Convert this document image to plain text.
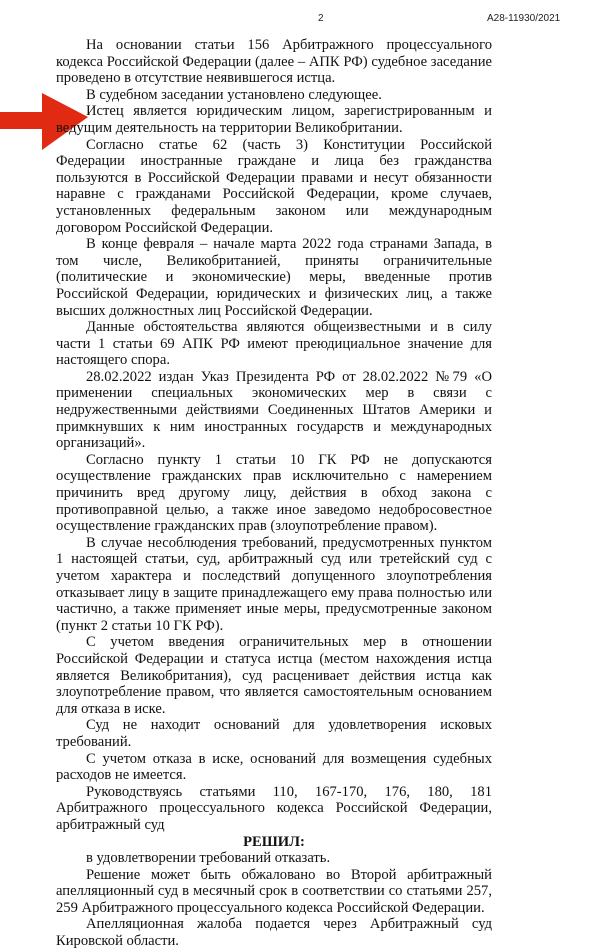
2	А28-11930/2021

На основании статьи 156 Арбитражного процессуального кодекса Российской Федерации (далее – АПК РФ) судебное заседание проведено в отсутствие неявившегося истца.

В судебном заседании установлено следующее.

Истец является юридическим лицом, зарегистрированным и ведущим деятельность на территории Великобритании.

Согласно статье 62 (часть 3) Конституции Российской Федерации иностранные граждане и лица без гражданства пользуются в Российской Федерации правами и несут обязанности наравне с гражданами Российской Федерации, кроме случаев, установленных федеральным законом или международным договором Российской Федерации.

В конце февраля – начале марта 2022 года странами Запада, в том числе, Великобританией, приняты ограничительные (политические и экономические) меры, введенные против Российской Федерации, юридических и физических лиц, а также высших должностных лиц Российской Федерации.

Данные обстоятельства являются общеизвестными и в силу части 1 статьи 69 АПК РФ имеют преюдициальное значение для настоящего спора.

28.02.2022 издан Указ Президента РФ от 28.02.2022 №79 «О применении специальных экономических мер в связи с недружественными действиями Соединенных Штатов Америки и примкнувших к ним иностранных государств и международных организаций».

Согласно пункту 1 статьи 10 ГК РФ не допускаются осуществление гражданских прав исключительно с намерением причинить вред другому лицу, действия в обход закона с противоправной целью, а также иное заведомо недобросовестное осуществление гражданских прав (злоупотребление правом).

В случае несоблюдения требований, предусмотренных пунктом 1 настоящей статьи, суд, арбитражный суд или третейский суд с учетом характера и последствий допущенного злоупотребления отказывает лицу в защите принадлежащего ему права полностью или частично, а также применяет иные меры, предусмотренные законом (пункт 2 статьи 10 ГК РФ).

С учетом введения ограничительных мер в отношении Российской Федерации и статуса истца (местом нахождения истца является Великобритания), суд расценивает действия истца как злоупотребление правом, что является самостоятельным основанием для отказа в иске.

Суд не находит оснований для удовлетворения исковых требований.

С учетом отказа в иске, оснований для возмещения судебных расходов не имеется.

Руководствуясь статьями 110, 167-170, 176, 180, 181 Арбитражного процессуального кодекса Российской Федерации, арбитражный суд

РЕШИЛ:

в удовлетворении требований отказать.

Решение может быть обжаловано во Второй арбитражный апелляционный суд в месячный срок в соответствии со статьями 257, 259 Арбитражного процессуального кодекса Российской Федерации.

Апелляционная жалоба подается через Арбитражный суд Кировской области.
